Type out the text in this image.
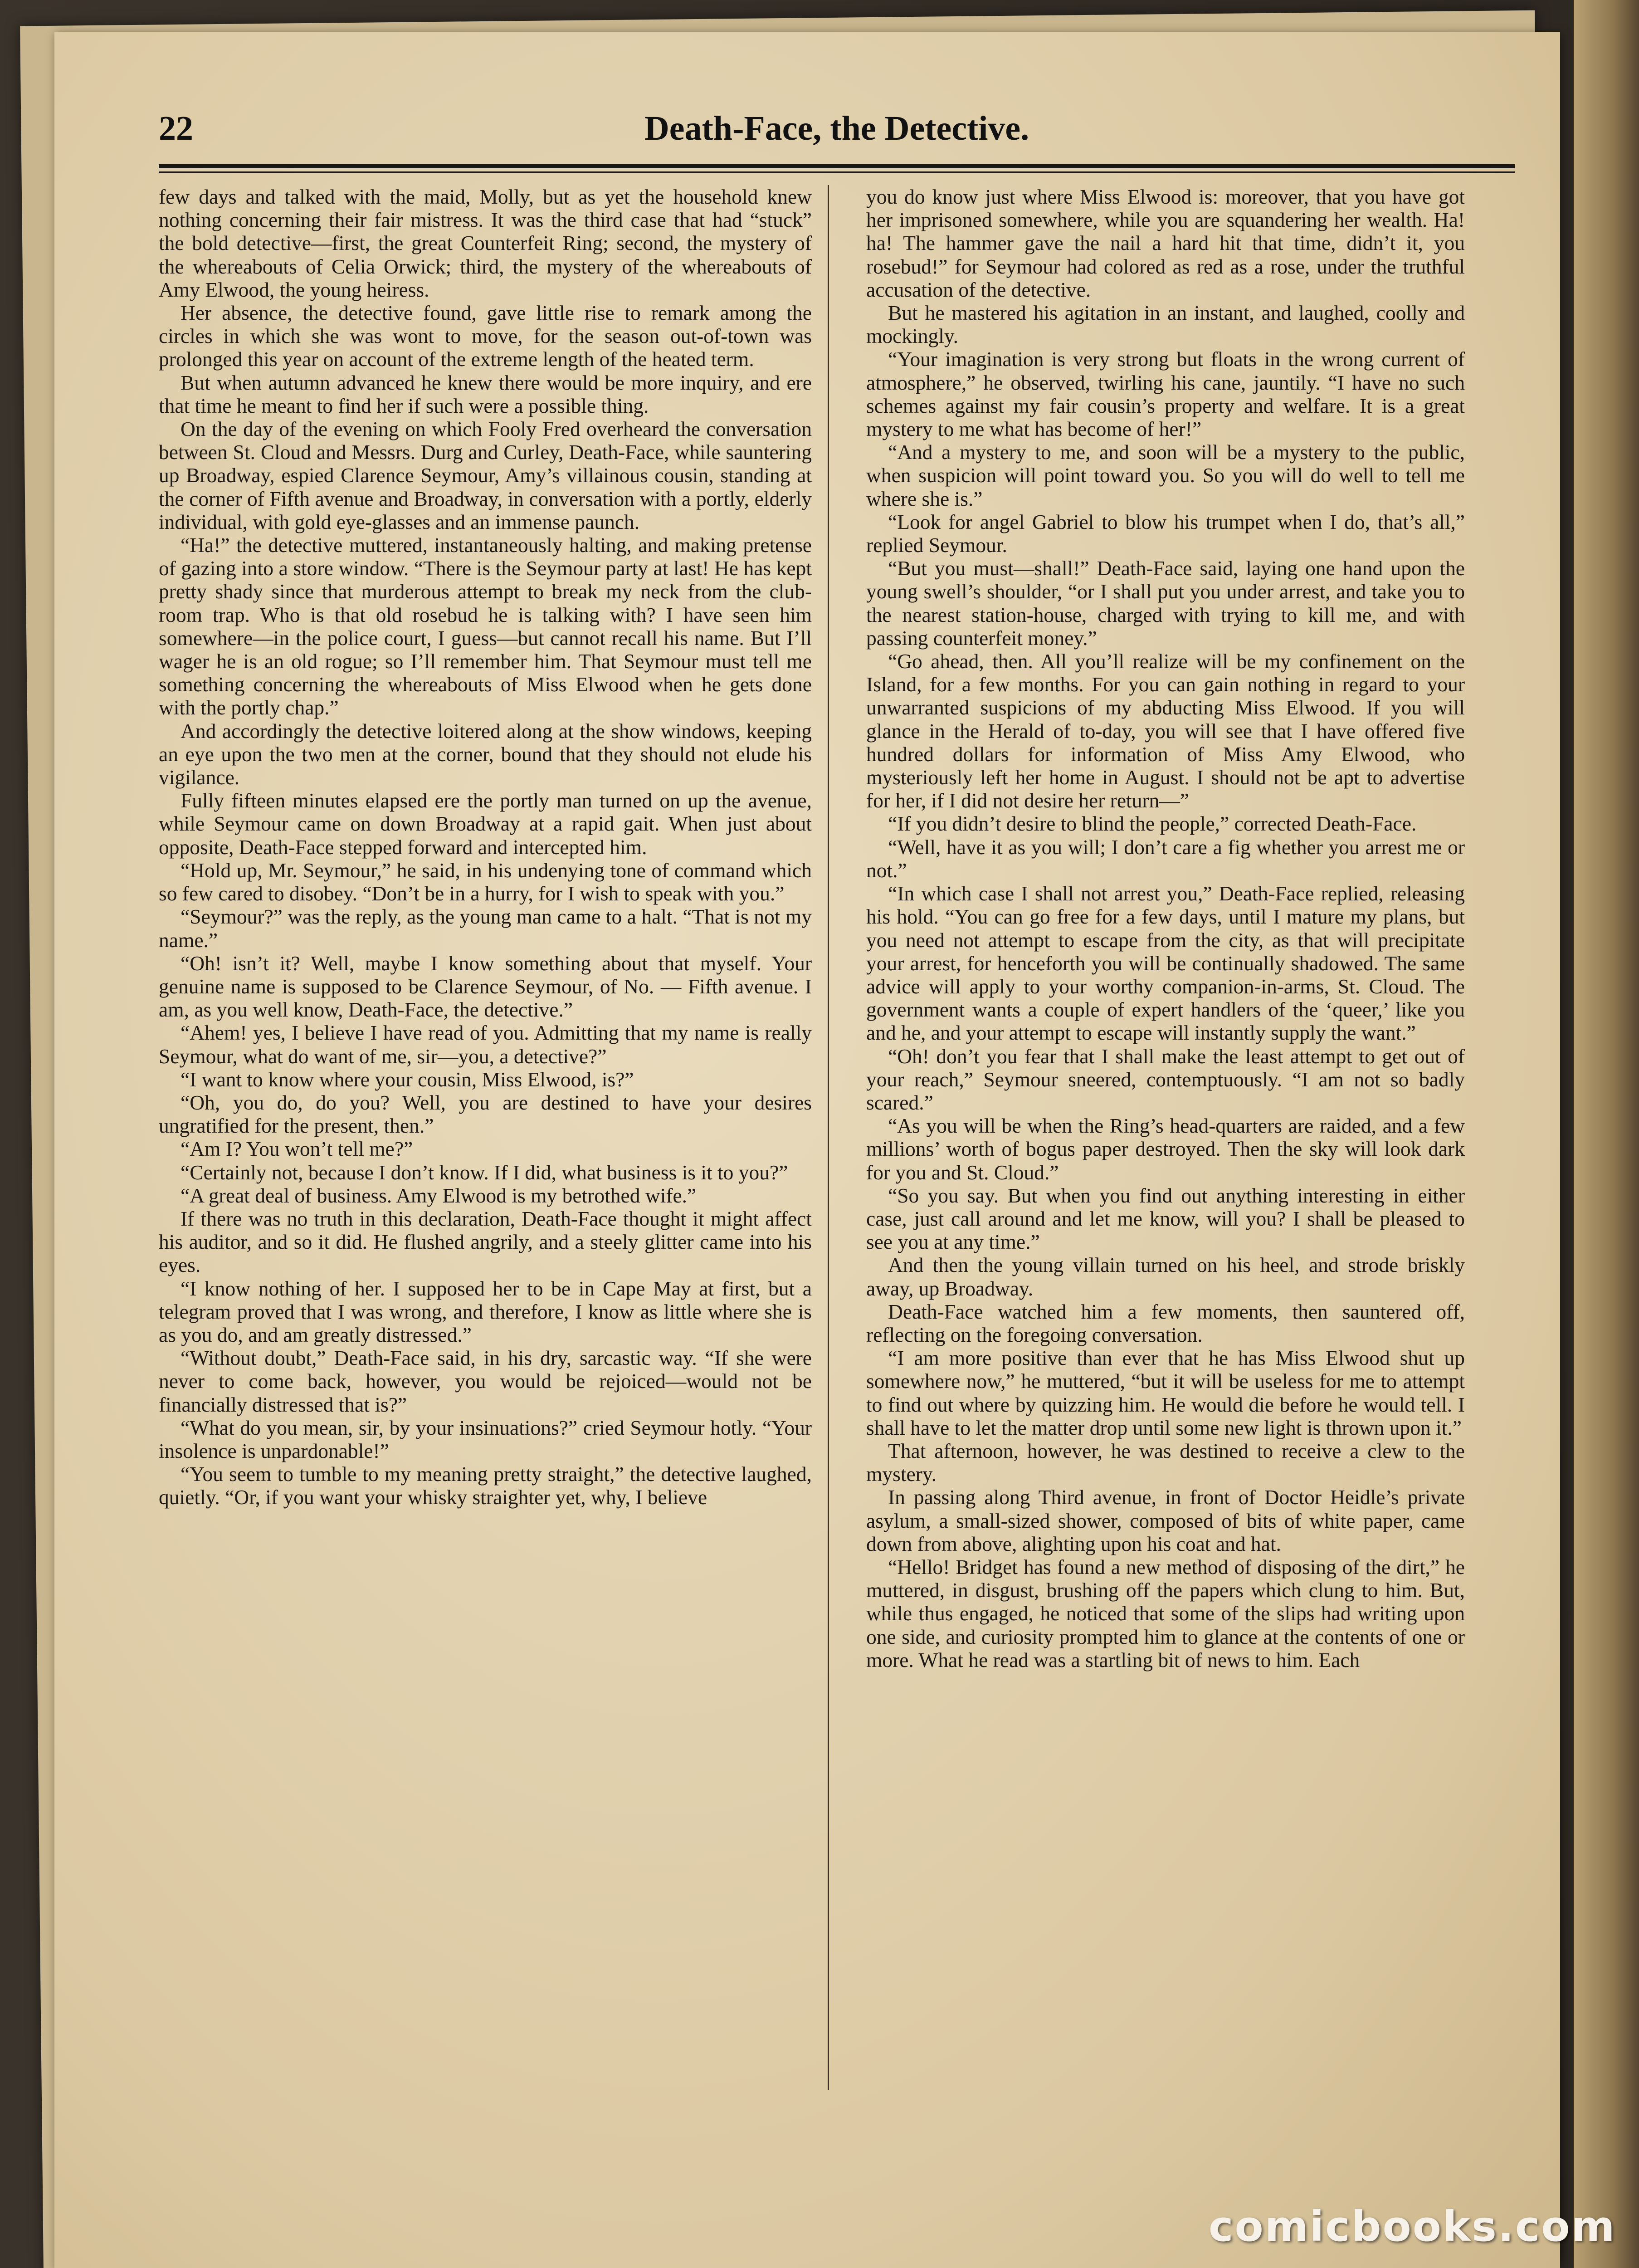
22	Death-Face, the Detective.

few days and talked with the maid, Molly, but as yet the household knew nothing concerning their fair mistress. It was the third case that had “stuck” the bold detective—first, the great Counterfeit Ring; second, the mystery of the whereabouts of Celia Orwick; third, the mystery of the whereabouts of Amy Elwood, the young heiress.

Her absence, the detective found, gave little rise to remark among the circles in which she was wont to move, for the season out-of-town was prolonged this year on account of the extreme length of the heated term.

But when autumn advanced he knew there would be more inquiry, and ere that time he meant to find her if such were a possible thing.

On the day of the evening on which Fooly Fred overheard the conversation between St. Cloud and Messrs. Durg and Curley, Death-Face, while sauntering up Broadway, espied Clarence Seymour, Amy’s villainous cousin, standing at the corner of Fifth avenue and Broadway, in conversation with a portly, elderly individual, with gold eye-glasses and an immense paunch.

“Ha!” the detective muttered, instantaneously halting, and making pretense of gazing into a store window. “There is the Seymour party at last! He has kept pretty shady since that murderous attempt to break my neck from the club-room trap. Who is that old rosebud he is talking with? I have seen him somewhere—in the police court, I guess—but cannot recall his name. But I’ll wager he is an old rogue; so I’ll remember him. That Seymour must tell me something concerning the whereabouts of Miss Elwood when he gets done with the portly chap.”

And accordingly the detective loitered along at the show windows, keeping an eye upon the two men at the corner, bound that they should not elude his vigilance.

Fully fifteen minutes elapsed ere the portly man turned on up the avenue, while Seymour came on down Broadway at a rapid gait. When just about opposite, Death-Face stepped forward and intercepted him.

“Hold up, Mr. Seymour,” he said, in his undenying tone of command which so few cared to disobey. “Don’t be in a hurry, for I wish to speak with you.”

“Seymour?” was the reply, as the young man came to a halt. “That is not my name.”

“Oh! isn’t it? Well, maybe I know something about that myself. Your genuine name is supposed to be Clarence Seymour, of No. — Fifth avenue. I am, as you well know, Death-Face, the detective.”

“Ahem! yes, I believe I have read of you. Admitting that my name is really Seymour, what do want of me, sir—you, a detective?”

“I want to know where your cousin, Miss Elwood, is?”

“Oh, you do, do you? Well, you are destined to have your desires ungratified for the present, then.”

“Am I? You won’t tell me?”

“Certainly not, because I don’t know. If I did, what business is it to you?”

“A great deal of business. Amy Elwood is my betrothed wife.”

If there was no truth in this declaration, Death-Face thought it might affect his auditor, and so it did. He flushed angrily, and a steely glitter came into his eyes.

“I know nothing of her. I supposed her to be in Cape May at first, but a telegram proved that I was wrong, and therefore, I know as little where she is as you do, and am greatly distressed.”

“Without doubt,” Death-Face said, in his dry, sarcastic way. “If she were never to come back, however, you would be rejoiced—would not be financially distressed that is?”

“What do you mean, sir, by your insinuations?” cried Seymour hotly. “Your insolence is unpardonable!”

“You seem to tumble to my meaning pretty straight,” the detective laughed, quietly. “Or, if you want your whisky straighter yet, why, I believe

you do know just where Miss Elwood is: moreover, that you have got her imprisoned somewhere, while you are squandering her wealth. Ha! ha! The hammer gave the nail a hard hit that time, didn’t it, you rosebud!” for Seymour had colored as red as a rose, under the truthful accusation of the detective.

But he mastered his agitation in an instant, and laughed, coolly and mockingly.

“Your imagination is very strong but floats in the wrong current of atmosphere,” he observed, twirling his cane, jauntily. “I have no such schemes against my fair cousin’s property and welfare. It is a great mystery to me what has become of her!”

“And a mystery to me, and soon will be a mystery to the public, when suspicion will point toward you. So you will do well to tell me where she is.”

“Look for angel Gabriel to blow his trumpet when I do, that’s all,” replied Seymour.

“But you must—shall!” Death-Face said, laying one hand upon the young swell’s shoulder, “or I shall put you under arrest, and take you to the nearest station-house, charged with trying to kill me, and with passing counterfeit money.”

“Go ahead, then. All you’ll realize will be my confinement on the Island, for a few months. For you can gain nothing in regard to your unwarranted suspicions of my abducting Miss Elwood. If you will glance in the Herald of to-day, you will see that I have offered five hundred dollars for information of Miss Amy Elwood, who mysteriously left her home in August. I should not be apt to advertise for her, if I did not desire her return—”

“If you didn’t desire to blind the people,” corrected Death-Face.

“Well, have it as you will; I don’t care a fig whether you arrest me or not.”

“In which case I shall not arrest you,” Death-Face replied, releasing his hold. “You can go free for a few days, until I mature my plans, but you need not attempt to escape from the city, as that will precipitate your arrest, for henceforth you will be continually shadowed. The same advice will apply to your worthy companion-in-arms, St. Cloud. The government wants a couple of expert handlers of the ‘queer,’ like you and he, and your attempt to escape will instantly supply the want.”

“Oh! don’t you fear that I shall make the least attempt to get out of your reach,” Seymour sneered, contemptuously. “I am not so badly scared.”

“As you will be when the Ring’s head-quarters are raided, and a few millions’ worth of bogus paper destroyed. Then the sky will look dark for you and St. Cloud.”

“So you say. But when you find out anything interesting in either case, just call around and let me know, will you? I shall be pleased to see you at any time.”

And then the young villain turned on his heel, and strode briskly away, up Broadway.

Death-Face watched him a few moments, then sauntered off, reflecting on the foregoing conversation.

“I am more positive than ever that he has Miss Elwood shut up somewhere now,” he muttered, “but it will be useless for me to attempt to find out where by quizzing him. He would die before he would tell. I shall have to let the matter drop until some new light is thrown upon it.”

That afternoon, however, he was destined to receive a clew to the mystery.

In passing along Third avenue, in front of Doctor Heidle’s private asylum, a small-sized shower, composed of bits of white paper, came down from above, alighting upon his coat and hat.

“Hello! Bridget has found a new method of disposing of the dirt,” he muttered, in disgust, brushing off the papers which clung to him. But, while thus engaged, he noticed that some of the slips had writing upon one side, and curiosity prompted him to glance at the contents of one or more. What he read was a startling bit of news to him. Each

comicbooks.com
